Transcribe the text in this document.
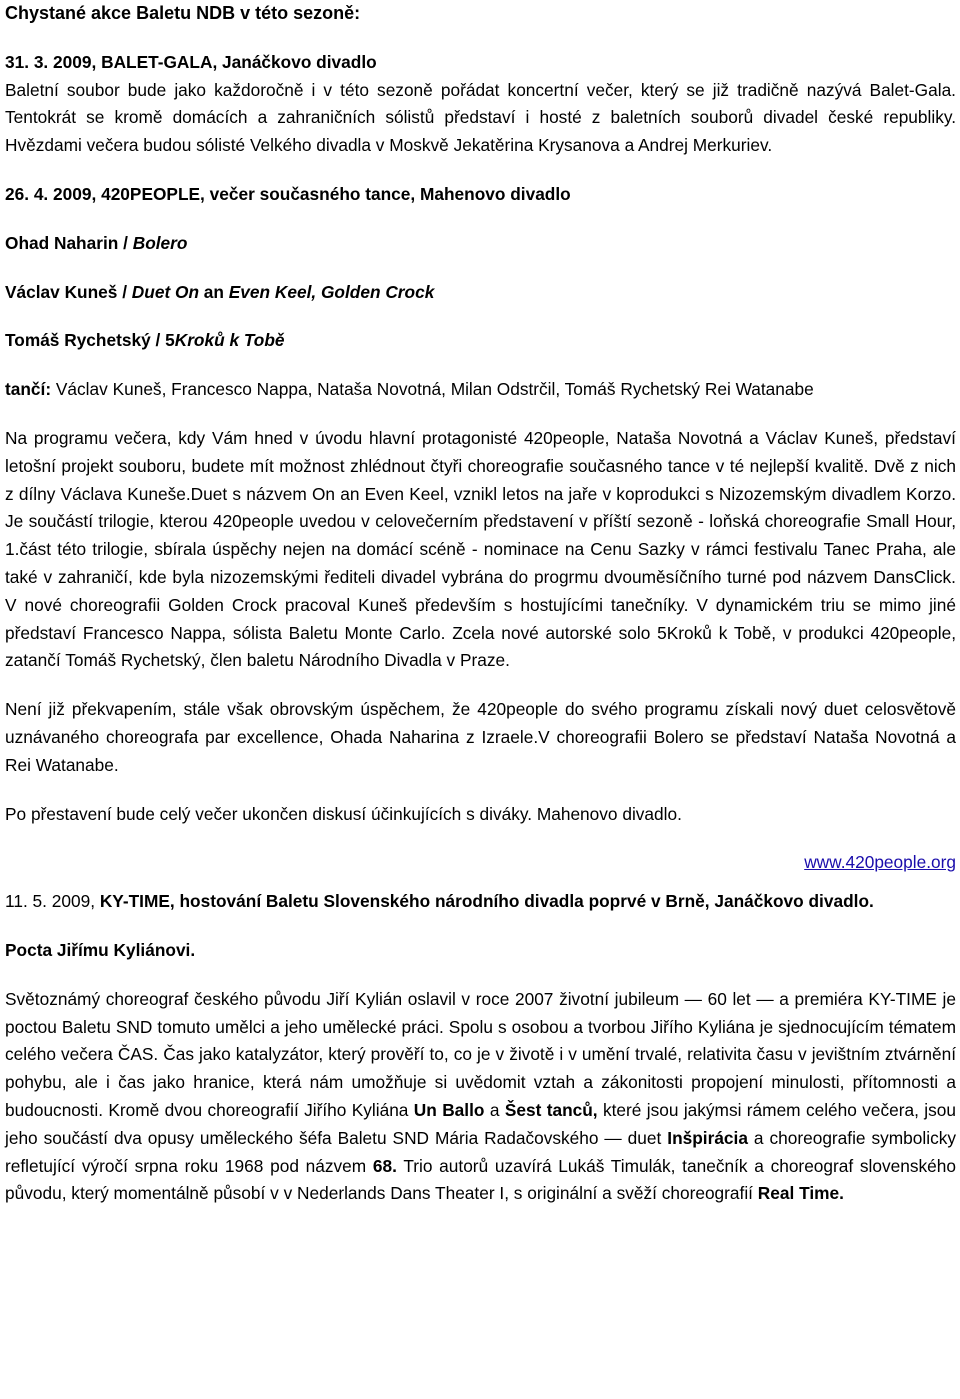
Chystané akce Baletu NDB v této sezoně:

31. 3. 2009, BALET-GALA, Janáčkovo divadlo

Baletní soubor bude jako každoročně i v této sezoně pořádat koncertní večer, který se již tradičně nazývá Balet-Gala. Tentokrát se kromě domácích a zahraničních sólistů představí i hosté z baletních souborů divadel české republiky. Hvězdami večera budou sólisté Velkého divadla v Moskvě Jekatěrina Krysanova a Andrej Merkuriev.

26. 4. 2009, 420PEOPLE, večer současného tance, Mahenovo divadlo

Ohad Naharin / Bolero

Václav Kuneš / Duet On an Even Keel, Golden Crock

Tomáš Rychetský / 5Kroků k Tobě

tančí: Václav Kuneš, Francesco Nappa, Nataša Novotná, Milan Odstrčil, Tomáš Rychetský Rei Watanabe

Na programu večera, kdy Vám hned v úvodu hlavní protagonisté 420people, Nataša Novotná a Václav Kuneš, představí letošní projekt souboru, budete mít možnost zhlédnout čtyři choreografie současného tance v té nejlepší kvalitě. Dvě z nich z dílny Václava Kuneše.Duet s názvem On an Even Keel, vznikl letos na jaře v koprodukci s Nizozemským divadlem Korzo. Je součástí trilogie, kterou 420people uvedou v celovečerním představení v příští sezoně - loňská choreografie Small Hour, 1.část této trilogie, sbírala úspěchy nejen na domácí scéně - nominace na Cenu Sazky v rámci festivalu Tanec Praha, ale také v zahraničí, kde byla nizozemskými řediteli divadel vybrána do progrmu dvouměsíčního turné pod názvem DansClick. V nové choreografii Golden Crock pracoval Kuneš především s hostujícími tanečníky. V dynamickém triu se mimo jiné představí Francesco Nappa, sólista Baletu Monte Carlo. Zcela nové autorské solo 5Kroků k Tobě, v produkci 420people, zatančí Tomáš Rychetský, člen baletu Národního Divadla v Praze.

Není již překvapením, stále však obrovským úspěchem, že 420people do svého programu získali nový duet celosvětově uznávaného choreografa par excellence, Ohada Naharina z Izraele.V choreografii Bolero se představí Nataša Novotná a Rei Watanabe.

Po přestavení bude celý večer ukončen diskusí účinkujících s diváky. Mahenovo divadlo.

www.420people.org

11. 5. 2009, KY-TIME, hostování Baletu Slovenského národního divadla poprvé v Brně, Janáčkovo divadlo.

Pocta Jiřímu Kyliánovi.

Světoznámý choreograf českého původu Jiří Kylián oslavil v roce 2007 životní jubileum — 60 let — a premiéra KY-TIME je poctou Baletu SND tomuto umělci a jeho umělecké práci. Spolu s osobou a tvorbou Jiřího Kyliána je sjednocujícím tématem celého večera ČAS. Čas jako katalyzátor, který prověří to, co je v životě i v umění trvalé, relativita času v jevištním ztvárnění pohybu, ale i čas jako hranice, která nám umožňuje si uvědomit vztah a zákonitosti propojení minulosti, přítomnosti a budoucnosti. Kromě dvou choreografií Jiřího Kyliána Un Ballo a Šest tanců, které jsou jakýmsi rámem celého večera, jsou jeho součástí dva opusy uměleckého šéfa Baletu SND Mária Radačovského — duet Inšpirácia a choreografie symbolicky refletující výročí srpna roku 1968 pod názvem 68. Trio autorů uzavírá Lukáš Timulák, tanečník a choreograf slovenského původu, který momentálně působí v v Nederlands Dans Theater I, s originální a svěží choreografií Real Time.
